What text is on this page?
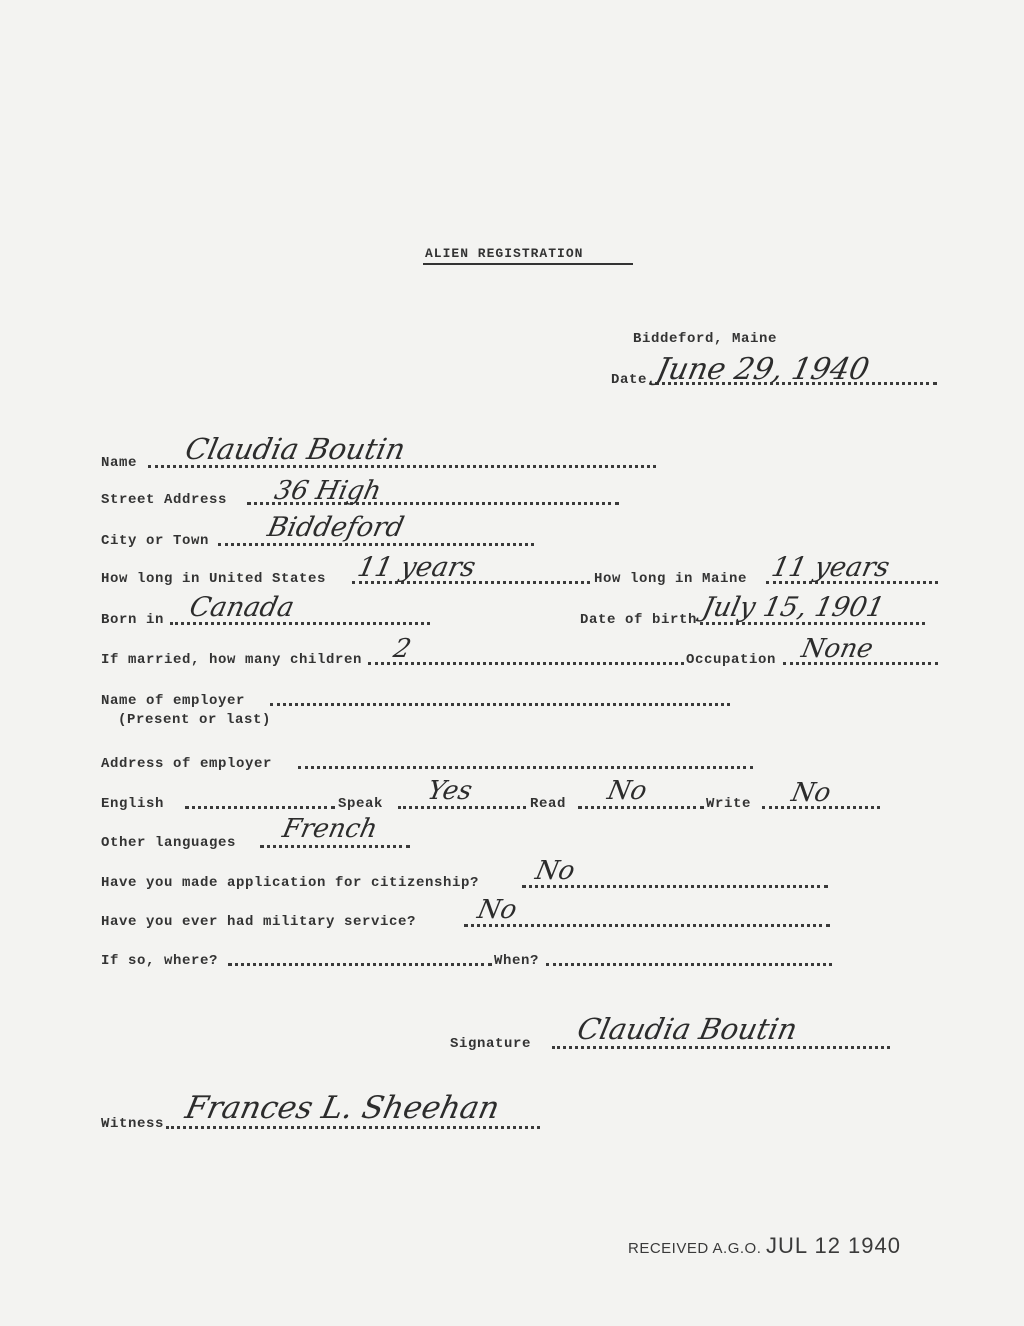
ALIEN REGISTRATION
Biddeford, Maine
Date June 29, 1940
Name Claudia Boutin
Street Address 36 High
City or Town Biddeford
How long in United States 11 years	How long in Maine 11 years
Born in Canada	Date of birth July 15, 1901
If married, how many children 2	Occupation None
Name of employer
(Present or last)
Address of employer
English	Speak Yes	Read No	Write No
Other languages French
Have you made application for citizenship? No
Have you ever had military service? No
If so, where?	When?
Signature Claudia Boutin
Witness Frances L. Sheehan
RECEIVED A.G.O. JUL 12 1940
